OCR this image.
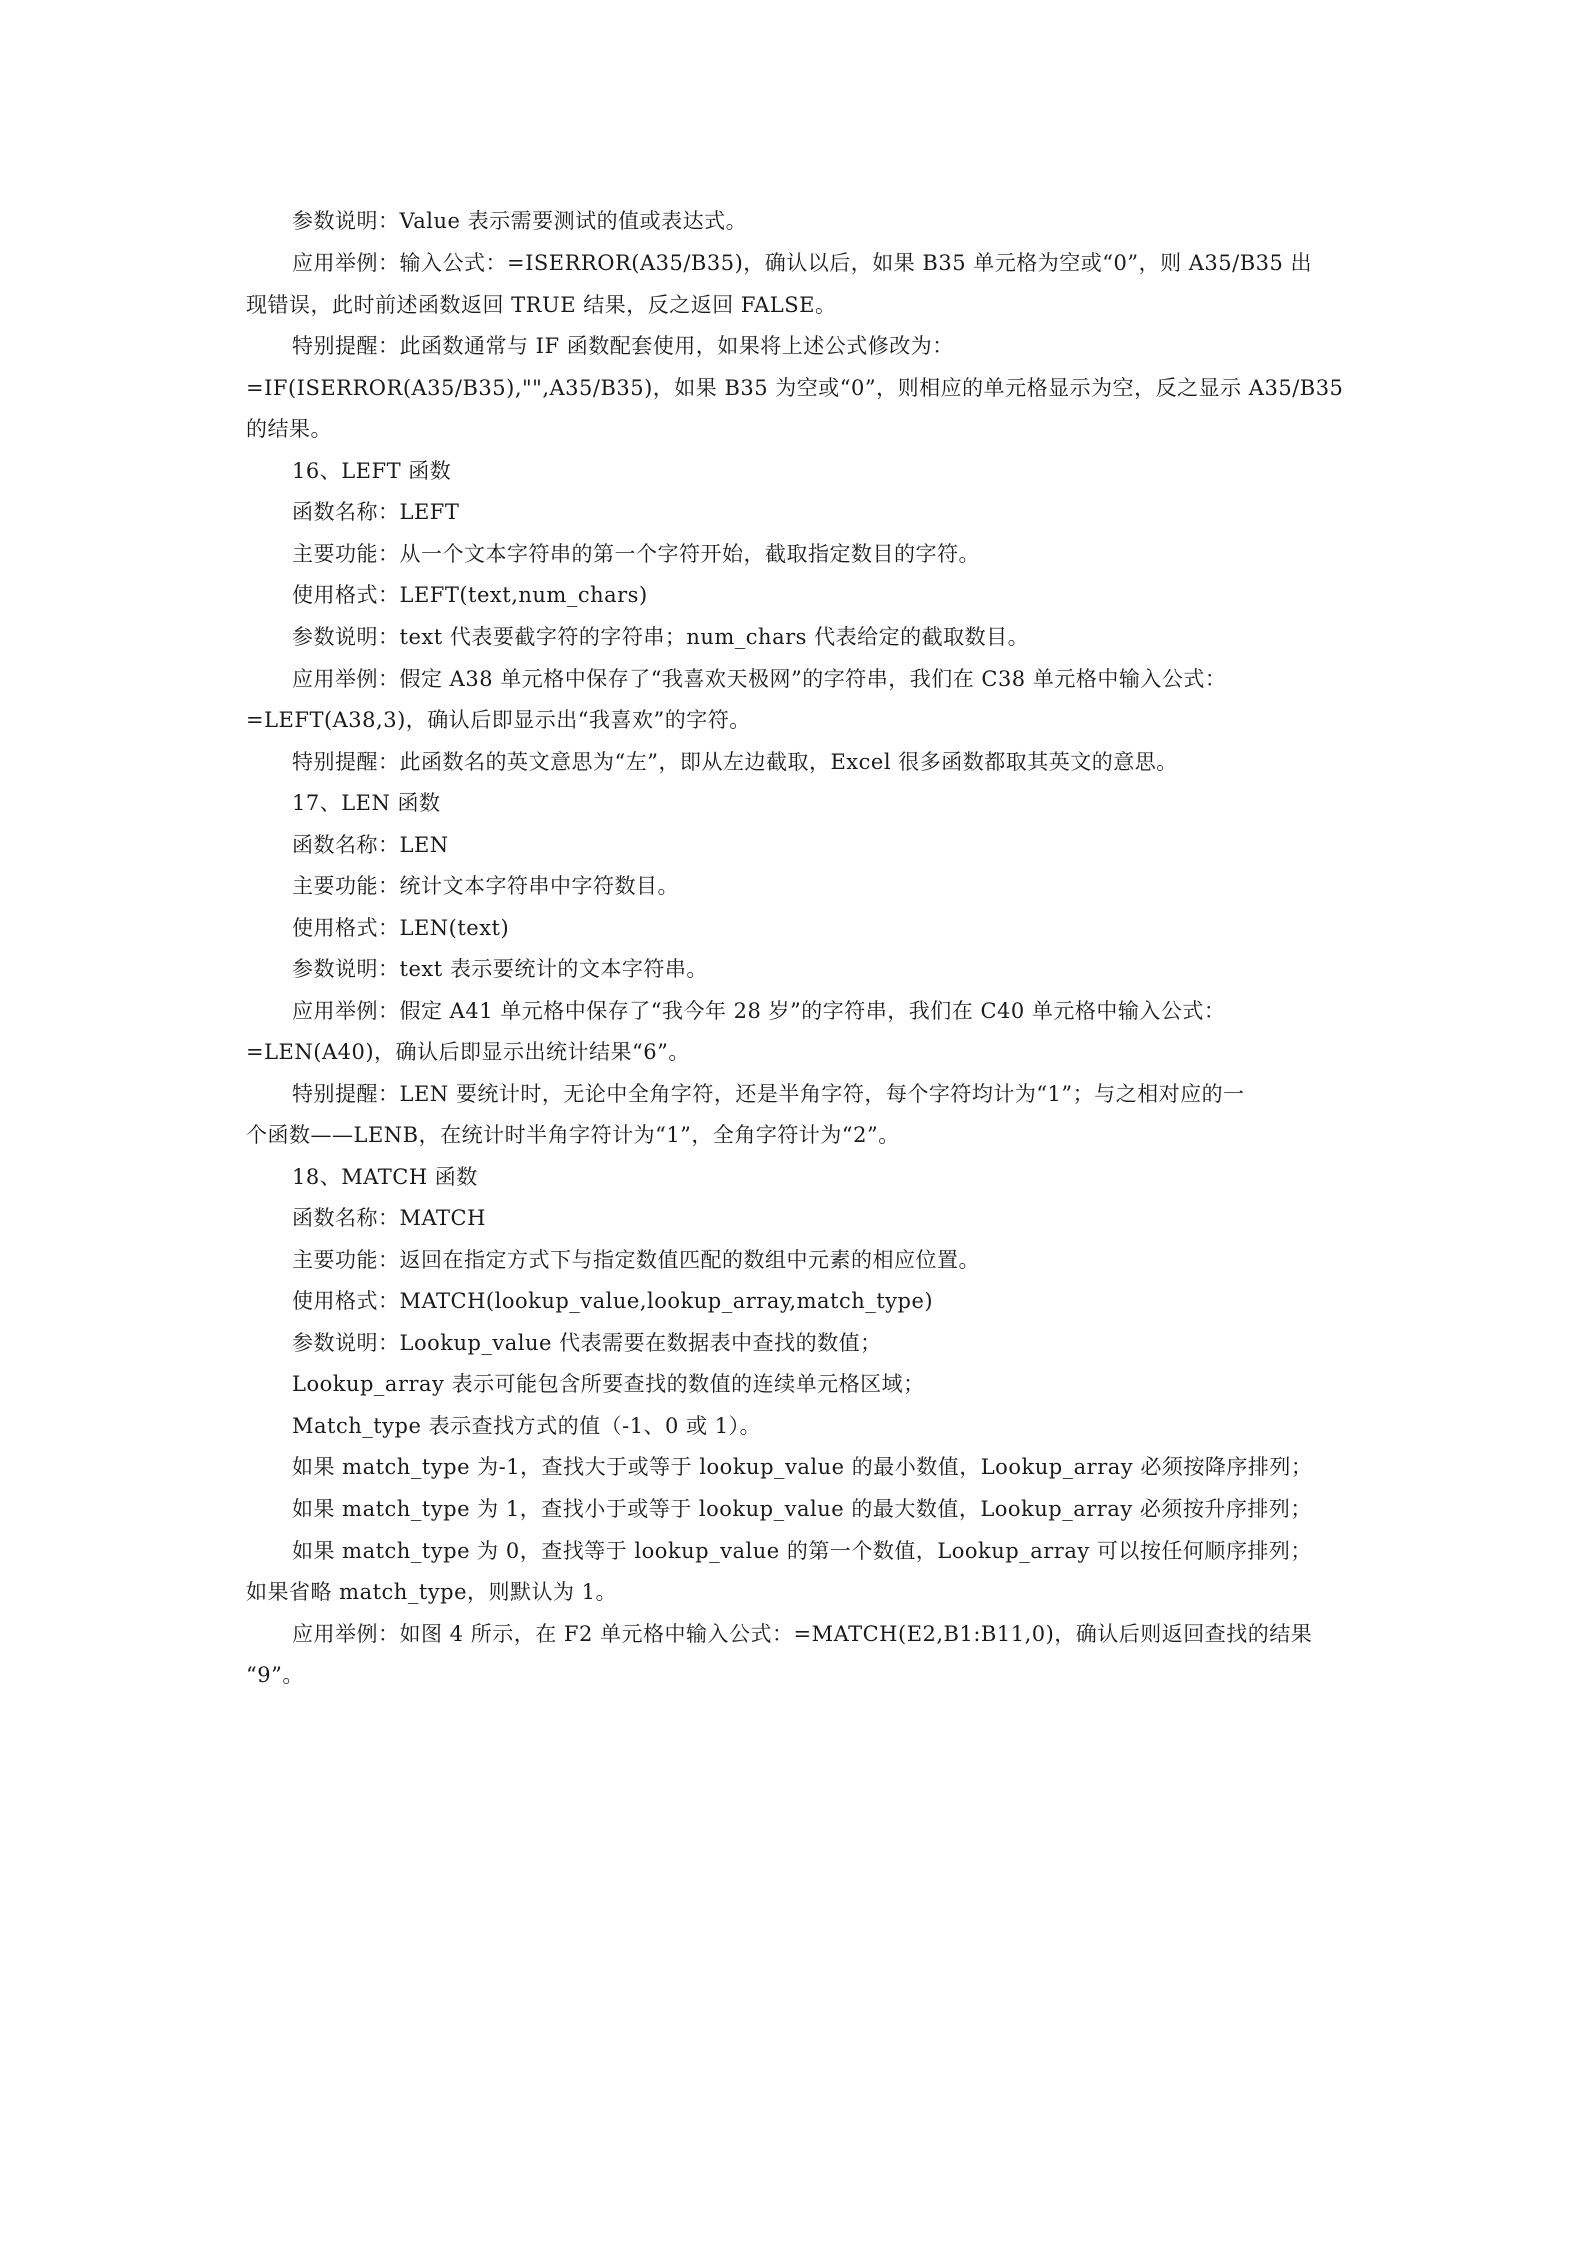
参数说明：Value 表示需要测试的值或表达式。
应用举例：输入公式：=ISERROR(A35/B35)，确认以后，如果 B35 单元格为空或“0”，则 A35/B35 出
现错误，此时前述函数返回 TRUE 结果，反之返回 FALSE。
特别提醒：此函数通常与 IF 函数配套使用，如果将上述公式修改为：
=IF(ISERROR(A35/B35),"",A35/B35)，如果 B35 为空或“0”，则相应的单元格显示为空，反之显示 A35/B35
的结果。
16、LEFT 函数
函数名称：LEFT
主要功能：从一个文本字符串的第一个字符开始，截取指定数目的字符。
使用格式：LEFT(text,num_chars)
参数说明：text 代表要截字符的字符串；num_chars 代表给定的截取数目。
应用举例：假定 A38 单元格中保存了“我喜欢天极网”的字符串，我们在 C38 单元格中输入公式：
=LEFT(A38,3)，确认后即显示出“我喜欢”的字符。
特别提醒：此函数名的英文意思为“左”，即从左边截取，Excel 很多函数都取其英文的意思。
17、LEN 函数
函数名称：LEN
主要功能：统计文本字符串中字符数目。
使用格式：LEN(text)
参数说明：text 表示要统计的文本字符串。
应用举例：假定 A41 单元格中保存了“我今年 28 岁”的字符串，我们在 C40 单元格中输入公式：
=LEN(A40)，确认后即显示出统计结果“6”。
特别提醒：LEN 要统计时，无论中全角字符，还是半角字符，每个字符均计为“1”；与之相对应的一
个函数——LENB，在统计时半角字符计为“1”，全角字符计为“2”。
18、MATCH 函数
函数名称：MATCH
主要功能：返回在指定方式下与指定数值匹配的数组中元素的相应位置。
使用格式：MATCH(lookup_value,lookup_array,match_type)
参数说明：Lookup_value 代表需要在数据表中查找的数值；
Lookup_array 表示可能包含所要查找的数值的连续单元格区域；
Match_type 表示查找方式的值（-1、0 或 1）。
如果 match_type 为-1，查找大于或等于 lookup_value 的最小数值，Lookup_array 必须按降序排列；
如果 match_type 为 1，查找小于或等于 lookup_value 的最大数值，Lookup_array 必须按升序排列；
如果 match_type 为 0，查找等于 lookup_value 的第一个数值，Lookup_array 可以按任何顺序排列；
如果省略 match_type，则默认为 1。
应用举例：如图 4 所示，在 F2 单元格中输入公式：=MATCH(E2,B1:B11,0)，确认后则返回查找的结果
“9”。
